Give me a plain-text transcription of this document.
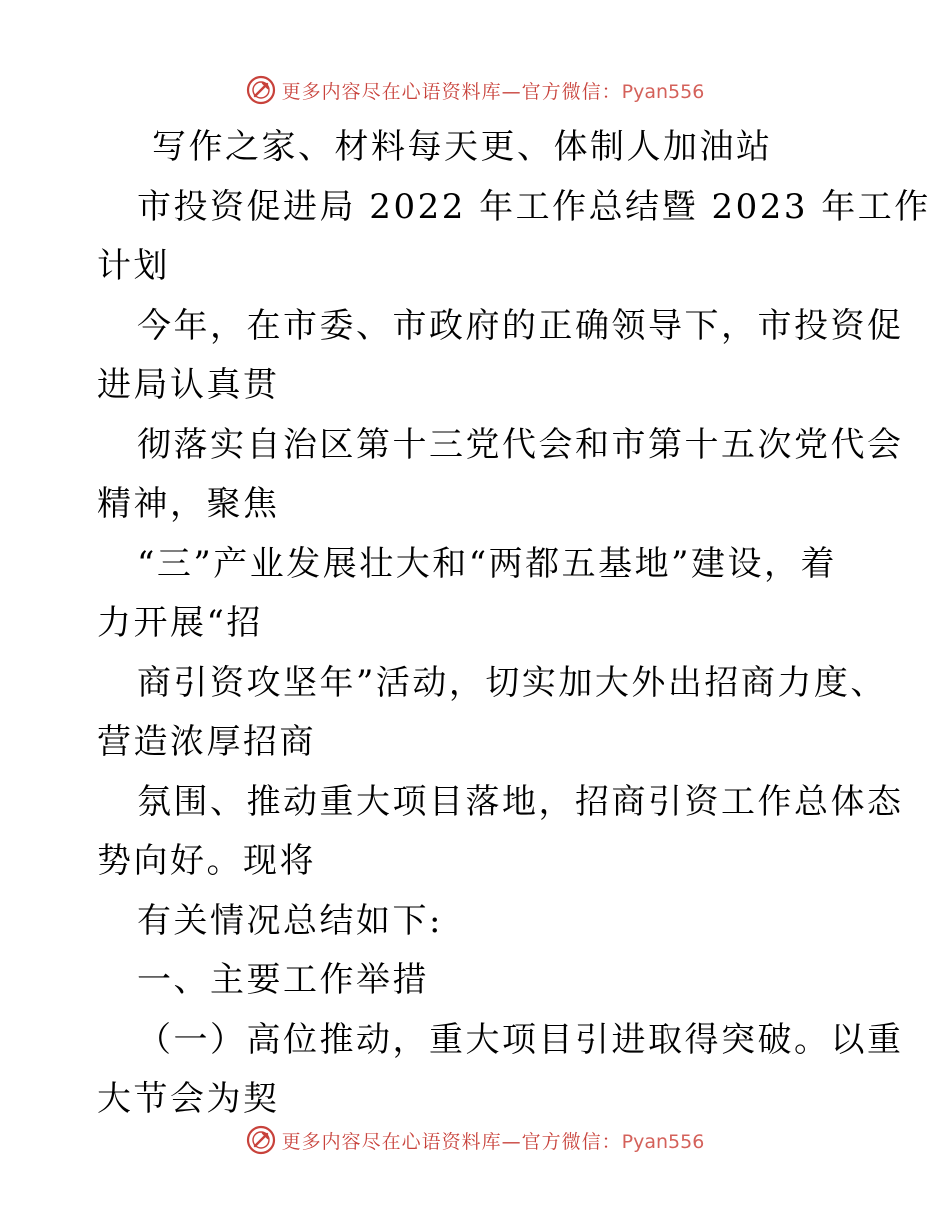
更多内容尽在心语资料库—官方微信：Pyan556
写作之家、材料每天更、体制人加油站
市投资促进局 2022 年工作总结暨 2023 年工作
计划
今年，在市委、市政府的正确领导下，市投资促
进局认真贯
彻落实自治区第十三党代会和市第十五次党代会
精神，聚焦
“三”产业发展壮大和“两都五基地”建设，着
力开展“招
商引资攻坚年”活动，切实加大外出招商力度、
营造浓厚招商
氛围、推动重大项目落地，招商引资工作总体态
势向好。现将
有关情况总结如下:
一、主要工作举措
（一）高位推动，重大项目引进取得突破。以重
大节会为契
更多内容尽在心语资料库—官方微信：Pyan556
